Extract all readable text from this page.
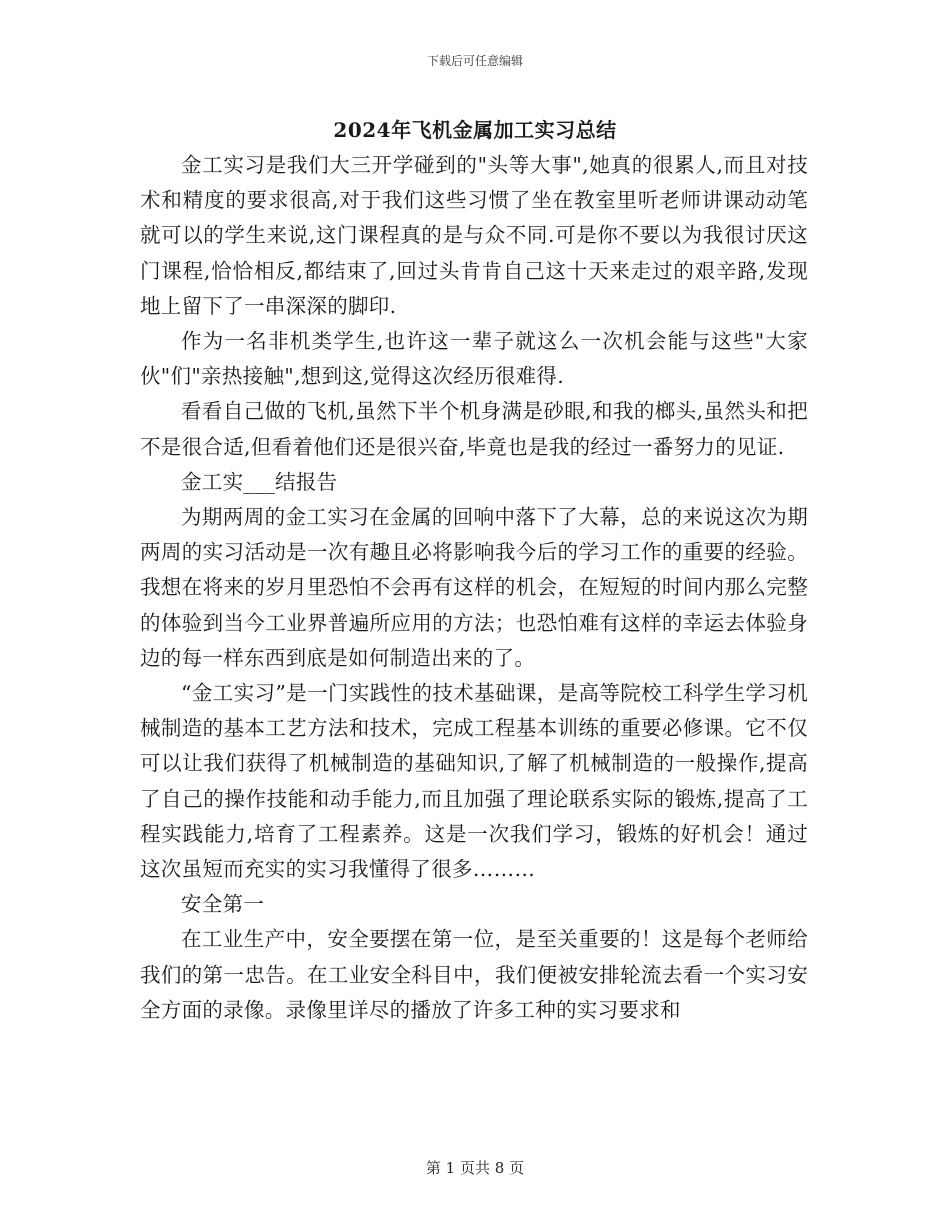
下载后可任意编辑
2024年飞机金属加工实习总结

金工实习是我们大三开学碰到的"头等大事",她真的很累人,而且对技术和精度的要求很高,对于我们这些习惯了坐在教室里听老师讲课动动笔就可以的学生来说,这门课程真的是与众不同.可是你不要以为我很讨厌这门课程,恰恰相反,都结束了,回过头肯肯自己这十天来走过的艰辛路,发现地上留下了一串深深的脚印.

作为一名非机类学生,也许这一辈子就这么一次机会能与这些"大家伙"们"亲热接触",想到这,觉得这次经历很难得.

看看自己做的飞机,虽然下半个机身满是砂眼,和我的榔头,虽然头和把不是很合适,但看着他们还是很兴奋,毕竟也是我的经过一番努力的见证.

金工实___结报告

为期两周的金工实习在金属的回响中落下了大幕，总的来说这次为期两周的实习活动是一次有趣且必将影响我今后的学习工作的重要的经验。我想在将来的岁月里恐怕不会再有这样的机会，在短短的时间内那么完整的体验到当今工业界普遍所应用的方法；也恐怕难有这样的幸运去体验身边的每一样东西到底是如何制造出来的了。

“金工实习”是一门实践性的技术基础课，是高等院校工科学生学习机械制造的基本工艺方法和技术，完成工程基本训练的重要必修课。它不仅可以让我们获得了机械制造的基础知识,了解了机械制造的一般操作,提高了自己的操作技能和动手能力,而且加强了理论联系实际的锻炼,提高了工程实践能力,培育了工程素养。这是一次我们学习，锻炼的好机会！通过这次虽短而充实的实习我懂得了很多………

安全第一

在工业生产中，安全要摆在第一位，是至关重要的！这是每个老师给我们的第一忠告。在工业安全科目中，我们便被安排轮流去看一个实习安全方面的录像。录像里详尽的播放了许多工种的实习要求和

第 1 页共 8 页
